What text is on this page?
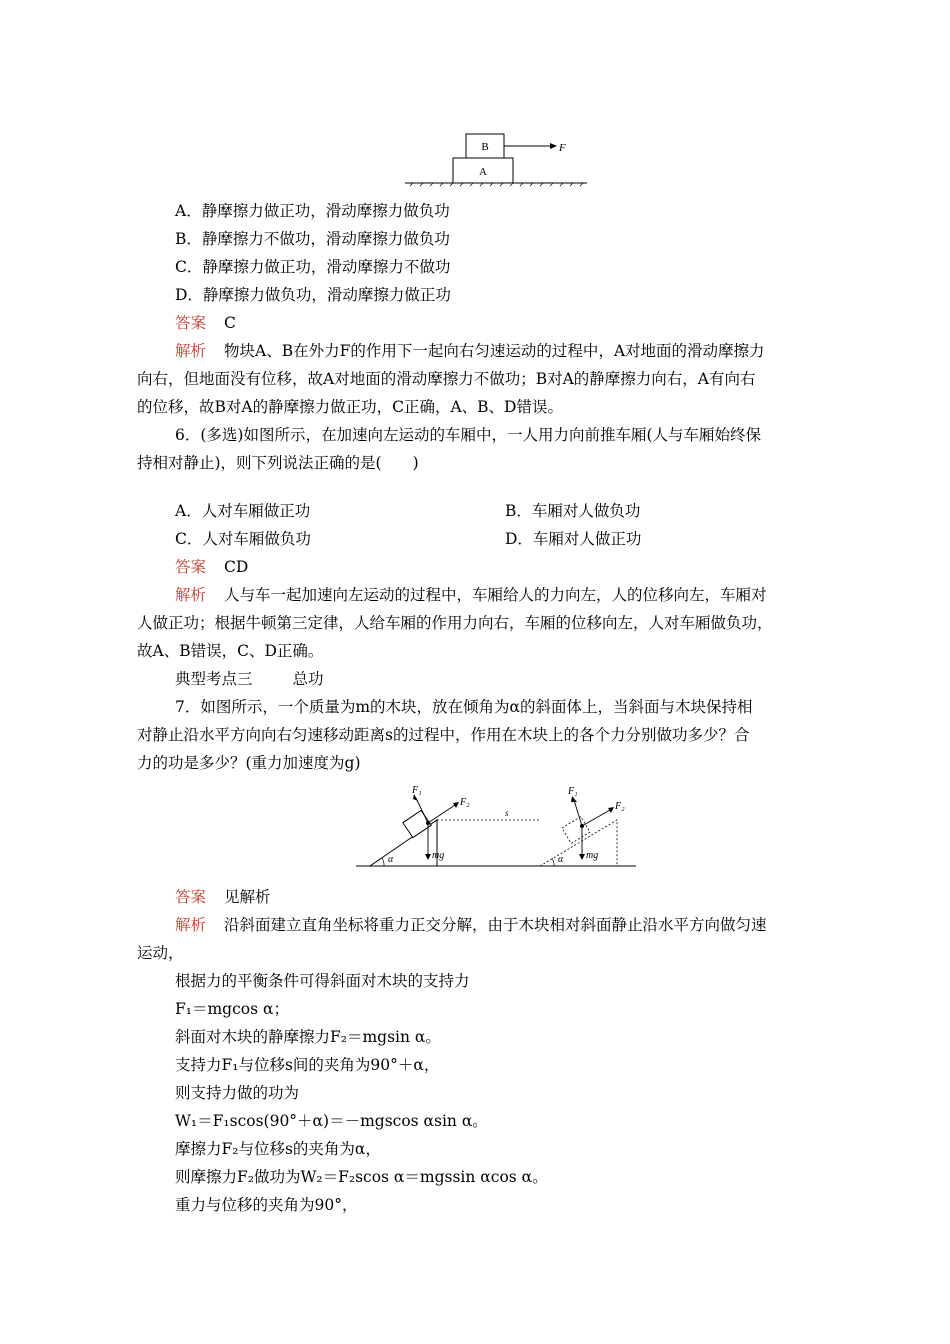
B
A
F
A．静摩擦力做正功，滑动摩擦力做负功
B．静摩擦力不做功，滑动摩擦力做负功
C．静摩擦力做正功，滑动摩擦力不做功
D．静摩擦力做负功，滑动摩擦力做正功
答案 C
解析 物块A、B在外力F的作用下一起向右匀速运动的过程中，A对地面的滑动摩擦力
向右，但地面没有位移，故A对地面的滑动摩擦力不做功；B对A的静摩擦力向右，A有向右
的位移，故B对A的静摩擦力做正功，C正确，A、B、D错误。
6．(多选)如图所示，在加速向左运动的车厢中，一人用力向前推车厢(人与车厢始终保
持相对静止)，则下列说法正确的是(　　)
A．人对车厢做正功	B．车厢对人做负功
C．人对车厢做负功	D．车厢对人做正功
答案 CD
解析 人与车一起加速向左运动的过程中，车厢给人的力向左，人的位移向左，车厢对
人做正功；根据牛顿第三定律，人给车厢的作用力向右，车厢的位移向左，人对车厢做负功，
故A、B错误，C、D正确。
典型考点三	总功
7．如图所示，一个质量为m的木块，放在倾角为α的斜面体上，当斜面与木块保持相
对静止沿水平方向向右匀速移动距离s的过程中，作用在木块上的各个力分别做功多少？合
力的功是多少？(重力加速度为g)
F₁
F₂
s
mg
α
F₁
F₂
mg
α
答案 见解析
解析 沿斜面建立直角坐标将重力正交分解，由于木块相对斜面静止沿水平方向做匀速
运动，
根据力的平衡条件可得斜面对木块的支持力
F₁＝mgcos α；
斜面对木块的静摩擦力F₂＝mgsin α。
支持力F₁与位移s间的夹角为90°＋α，
则支持力做的功为
W₁＝F₁scos(90°＋α)＝－mgscos αsin α。
摩擦力F₂与位移s的夹角为α，
则摩擦力F₂做功为W₂＝F₂scos α＝mgssin αcos α。
重力与位移的夹角为90°，
